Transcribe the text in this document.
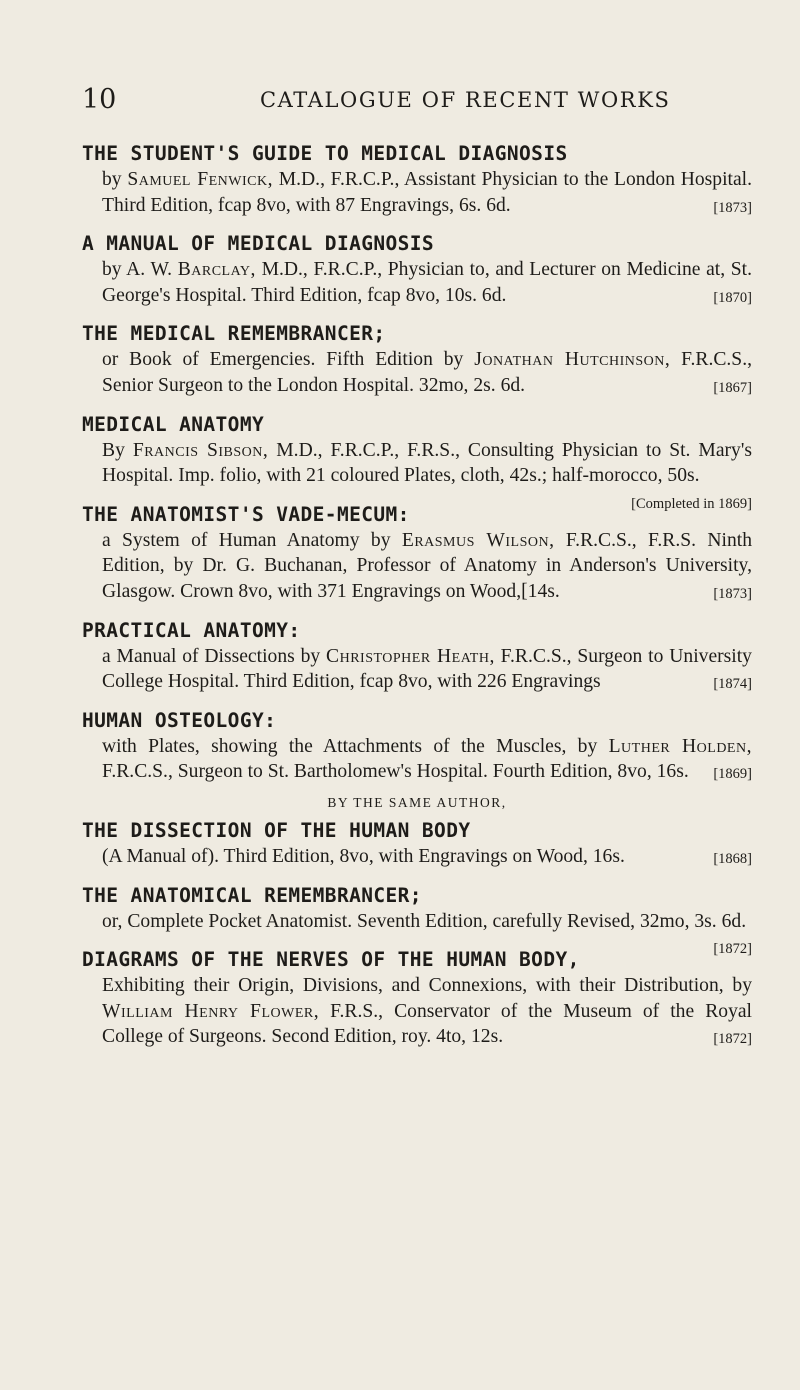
10	CATALOGUE OF RECENT WORKS
THE STUDENT'S GUIDE TO MEDICAL DIAGNOSIS
by Samuel Fenwick, M.D., F.R.C.P., Assistant Physician to the London Hospital. Third Edition, fcap 8vo, with 87 Engravings, 6s. 6d.	[1873]
A MANUAL OF MEDICAL DIAGNOSIS
by A. W. Barclay, M.D., F.R.C.P., Physician to, and Lecturer on Medicine at, St. George's Hospital. Third Edition, fcap 8vo, 10s. 6d.	[1870]
THE MEDICAL REMEMBRANCER;
or Book of Emergencies. Fifth Edition by Jonathan Hutchinson, F.R.C.S., Senior Surgeon to the London Hospital. 32mo, 2s. 6d.	[1867]
MEDICAL ANATOMY
By Francis Sibson, M.D., F.R.C.P., F.R.S., Consulting Physician to St. Mary's Hospital. Imp. folio, with 21 coloured Plates, cloth, 42s.; half-morocco, 50s.
[Completed in 1869]
THE ANATOMIST'S VADE-MECUM:
a System of Human Anatomy by Erasmus Wilson, F.R.C.S., F.R.S. Ninth Edition, by Dr. G. Buchanan, Professor of Anatomy in Anderson's University, Glasgow. Crown 8vo, with 371 Engravings on Wood,[14s.	[1873]
PRACTICAL ANATOMY:
a Manual of Dissections by Christopher Heath, F.R.C.S., Surgeon to University College Hospital. Third Edition, fcap 8vo, with 226 Engravings	[1874]
HUMAN OSTEOLOGY:
with Plates, showing the Attachments of the Muscles, by Luther Holden, F.R.C.S., Surgeon to St. Bartholomew's Hospital. Fourth Edition, 8vo, 16s. [1869]
BY THE SAME AUTHOR,
THE DISSECTION OF THE HUMAN BODY
(A Manual of). Third Edition, 8vo, with Engravings on Wood, 16s.	[1868]
THE ANATOMICAL REMEMBRANCER;
or, Complete Pocket Anatomist. Seventh Edition, carefully Revised, 32mo, 3s. 6d.
[1872]
DIAGRAMS OF THE NERVES OF THE HUMAN BODY,
Exhibiting their Origin, Divisions, and Connexions, with their Distribution, by William Henry Flower, F.R.S., Conservator of the Museum of the Royal College of Surgeons. Second Edition, roy. 4to, 12s.	[1872]
